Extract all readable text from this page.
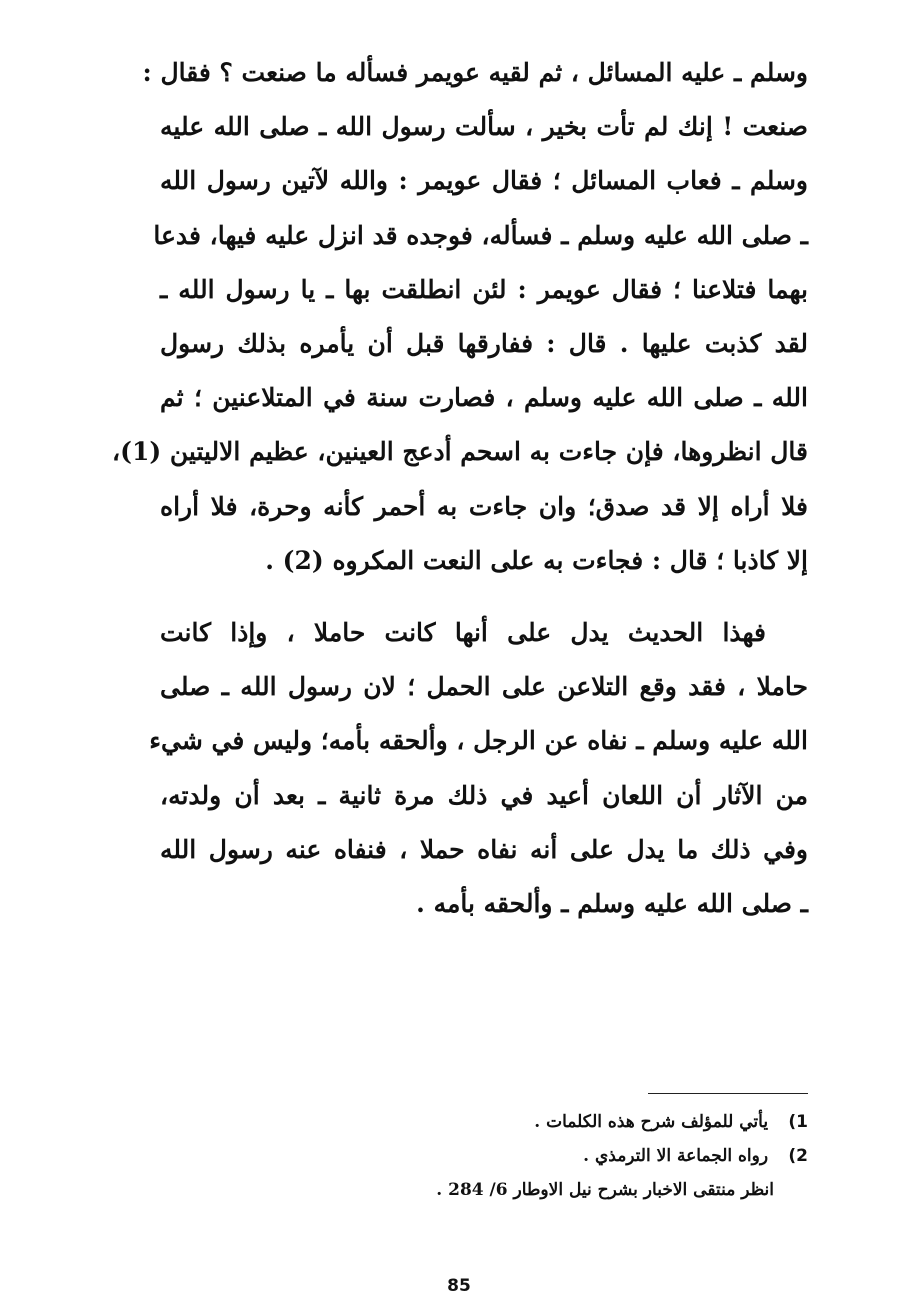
وسلم ـ عليه المسائل ، ثم لقيه عويمر فسأله ما صنعت ؟ فقال :
صنعت ! إنك لم تأت بخير ، سألت رسول الله ـ صلى الله عليه
وسلم ـ فعاب المسائل ؛ فقال عويمر : والله لآتين رسول الله
ـ صلى الله عليه وسلم ـ فسأله، فوجده قد انزل عليه فيها، فدعا
بهما فتلاعنا ؛ فقال عويمر : لئن انطلقت بها ـ يا رسول الله ـ
لقد كذبت عليها . قال : ففارقها قبل أن يأمره بذلك رسول
الله ـ صلى الله عليه وسلم ، فصارت سنة في المتلاعنين ؛ ثم
قال انظروها، فإن جاءت به اسحم أدعج العينين، عظيم الاليتين (1)،
فلا أراه إلا قد صدق؛ وان جاءت به أحمر كأنه وحرة، فلا أراه
إلا كاذبا ؛ قال : فجاءت به على النعت المكروه (2) .
فهذا الحديث يدل على أنها كانت حاملا ، وإذا كانت
حاملا ، فقد وقع التلاعن على الحمل ؛ لان رسول الله ـ صلى
الله عليه وسلم ـ نفاه عن الرجل ، وألحقه بأمه؛ وليس في شيء
من الآثار أن اللعان أعيد في ذلك مرة ثانية ـ بعد أن ولدته،
وفي ذلك ما يدل على أنه نفاه حملا ، فنفاه عنه رسول الله
ـ صلى الله عليه وسلم ـ وألحقه بأمه .
1) يأتي للمؤلف شرح هذه الكلمات .
2) رواه الجماعة الا الترمذي .
انظر منتقى الاخبار بشرح نيل الاوطار 6/ 284 .
85
